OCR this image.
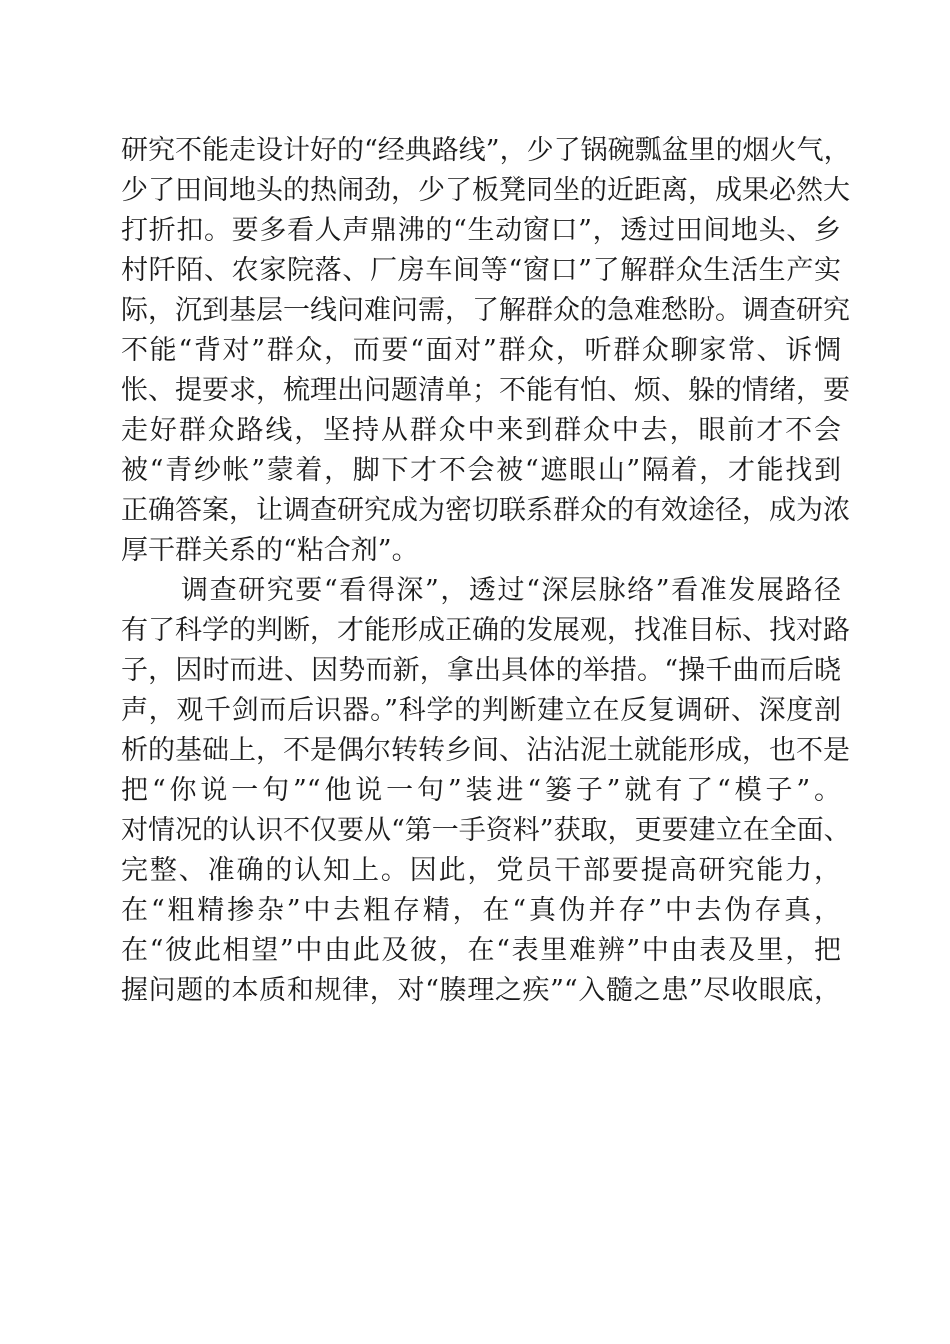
研究不能走设计好的“经典路线”，少了锅碗瓢盆里的烟火气，
少了田间地头的热闹劲，少了板凳同坐的近距离，成果必然大
打折扣。要多看人声鼎沸的“生动窗口”，透过田间地头、乡
村阡陌、农家院落、厂房车间等“窗口”了解群众生活生产实
际，沉到基层一线问难问需，了解群众的急难愁盼。调查研究
不能“背对”群众，而要“面对”群众，听群众聊家常、诉惆
怅、提要求，梳理出问题清单；不能有怕、烦、躲的情绪，要
走好群众路线，坚持从群众中来到群众中去，眼前才不会
被“青纱帐”蒙着，脚下才不会被“遮眼山”隔着，才能找到
正确答案，让调查研究成为密切联系群众的有效途径，成为浓
厚干群关系的“粘合剂”。
调查研究要“看得深”，透过“深层脉络”看准发展路径
有了科学的判断，才能形成正确的发展观，找准目标、找对路
子，因时而进、因势而新，拿出具体的举措。“操千曲而后晓
声，观千剑而后识器。”科学的判断建立在反复调研、深度剖
析的基础上，不是偶尔转转乡间、沾沾泥土就能形成，也不是
把“你说一句”“他说一句”装进“篓子”就有了“模子”。
对情况的认识不仅要从“第一手资料”获取，更要建立在全面、
完整、准确的认知上。因此，党员干部要提高研究能力，
在“粗精掺杂”中去粗存精，在“真伪并存”中去伪存真，
在“彼此相望”中由此及彼，在“表里难辨”中由表及里，把
握问题的本质和规律，对“腠理之疾”“入髓之患”尽收眼底，
